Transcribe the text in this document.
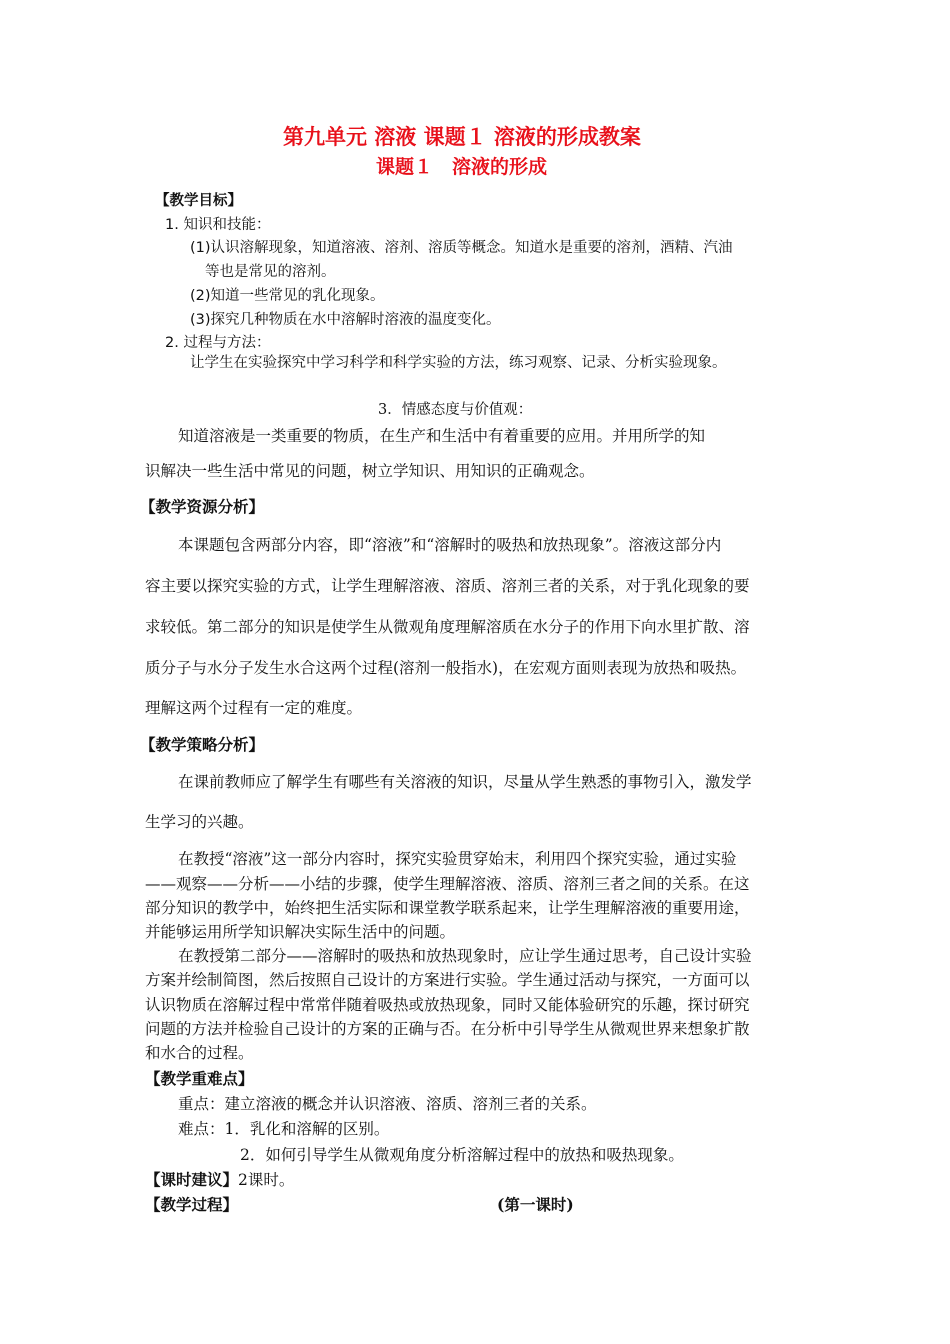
第九单元 溶液 课题１ 溶液的形成教案
课题１　溶液的形成
【教学目标】
1. 知识和技能：
(1)认识溶解现象，知道溶液、溶剂、溶质等概念。知道水是重要的溶剂，酒精、汽油
等也是常见的溶剂。
(2)知道一些常见的乳化现象。
(3)探究几种物质在水中溶解时溶液的温度变化。
2. 过程与方法：
让学生在实验探究中学习科学和科学实验的方法，练习观察、记录、分析实验现象。
3．情感态度与价值观：
知道溶液是一类重要的物质，在生产和生活中有着重要的应用。并用所学的知
识解决一些生活中常见的问题，树立学知识、用知识的正确观念。
【教学资源分析】
本课题包含两部分内容，即“溶液”和“溶解时的吸热和放热现象”。溶液这部分内
容主要以探究实验的方式，让学生理解溶液、溶质、溶剂三者的关系，对于乳化现象的要
求较低。第二部分的知识是使学生从微观角度理解溶质在水分子的作用下向水里扩散、溶
质分子与水分子发生水合这两个过程(溶剂一般指水)，在宏观方面则表现为放热和吸热。
理解这两个过程有一定的难度。
【教学策略分析】
在课前教师应了解学生有哪些有关溶液的知识，尽量从学生熟悉的事物引入，激发学
生学习的兴趣。
在教授“溶液”这一部分内容时，探究实验贯穿始末，利用四个探究实验，通过实验
——观察——分析——小结的步骤，使学生理解溶液、溶质、溶剂三者之间的关系。在这
部分知识的教学中，始终把生活实际和课堂教学联系起来，让学生理解溶液的重要用途，
并能够运用所学知识解决实际生活中的问题。
在教授第二部分——溶解时的吸热和放热现象时，应让学生通过思考，自己设计实验
方案并绘制简图，然后按照自己设计的方案进行实验。学生通过活动与探究，一方面可以
认识物质在溶解过程中常常伴随着吸热或放热现象，同时又能体验研究的乐趣，探讨研究
问题的方法并检验自己设计的方案的正确与否。在分析中引导学生从微观世界来想象扩散
和水合的过程。
【教学重难点】
重点：建立溶液的概念并认识溶液、溶质、溶剂三者的关系。
难点：1．乳化和溶解的区别。
2．如何引导学生从微观角度分析溶解过程中的放热和吸热现象。
【课时建议】2课时。
【教学过程】	(第一课时)
